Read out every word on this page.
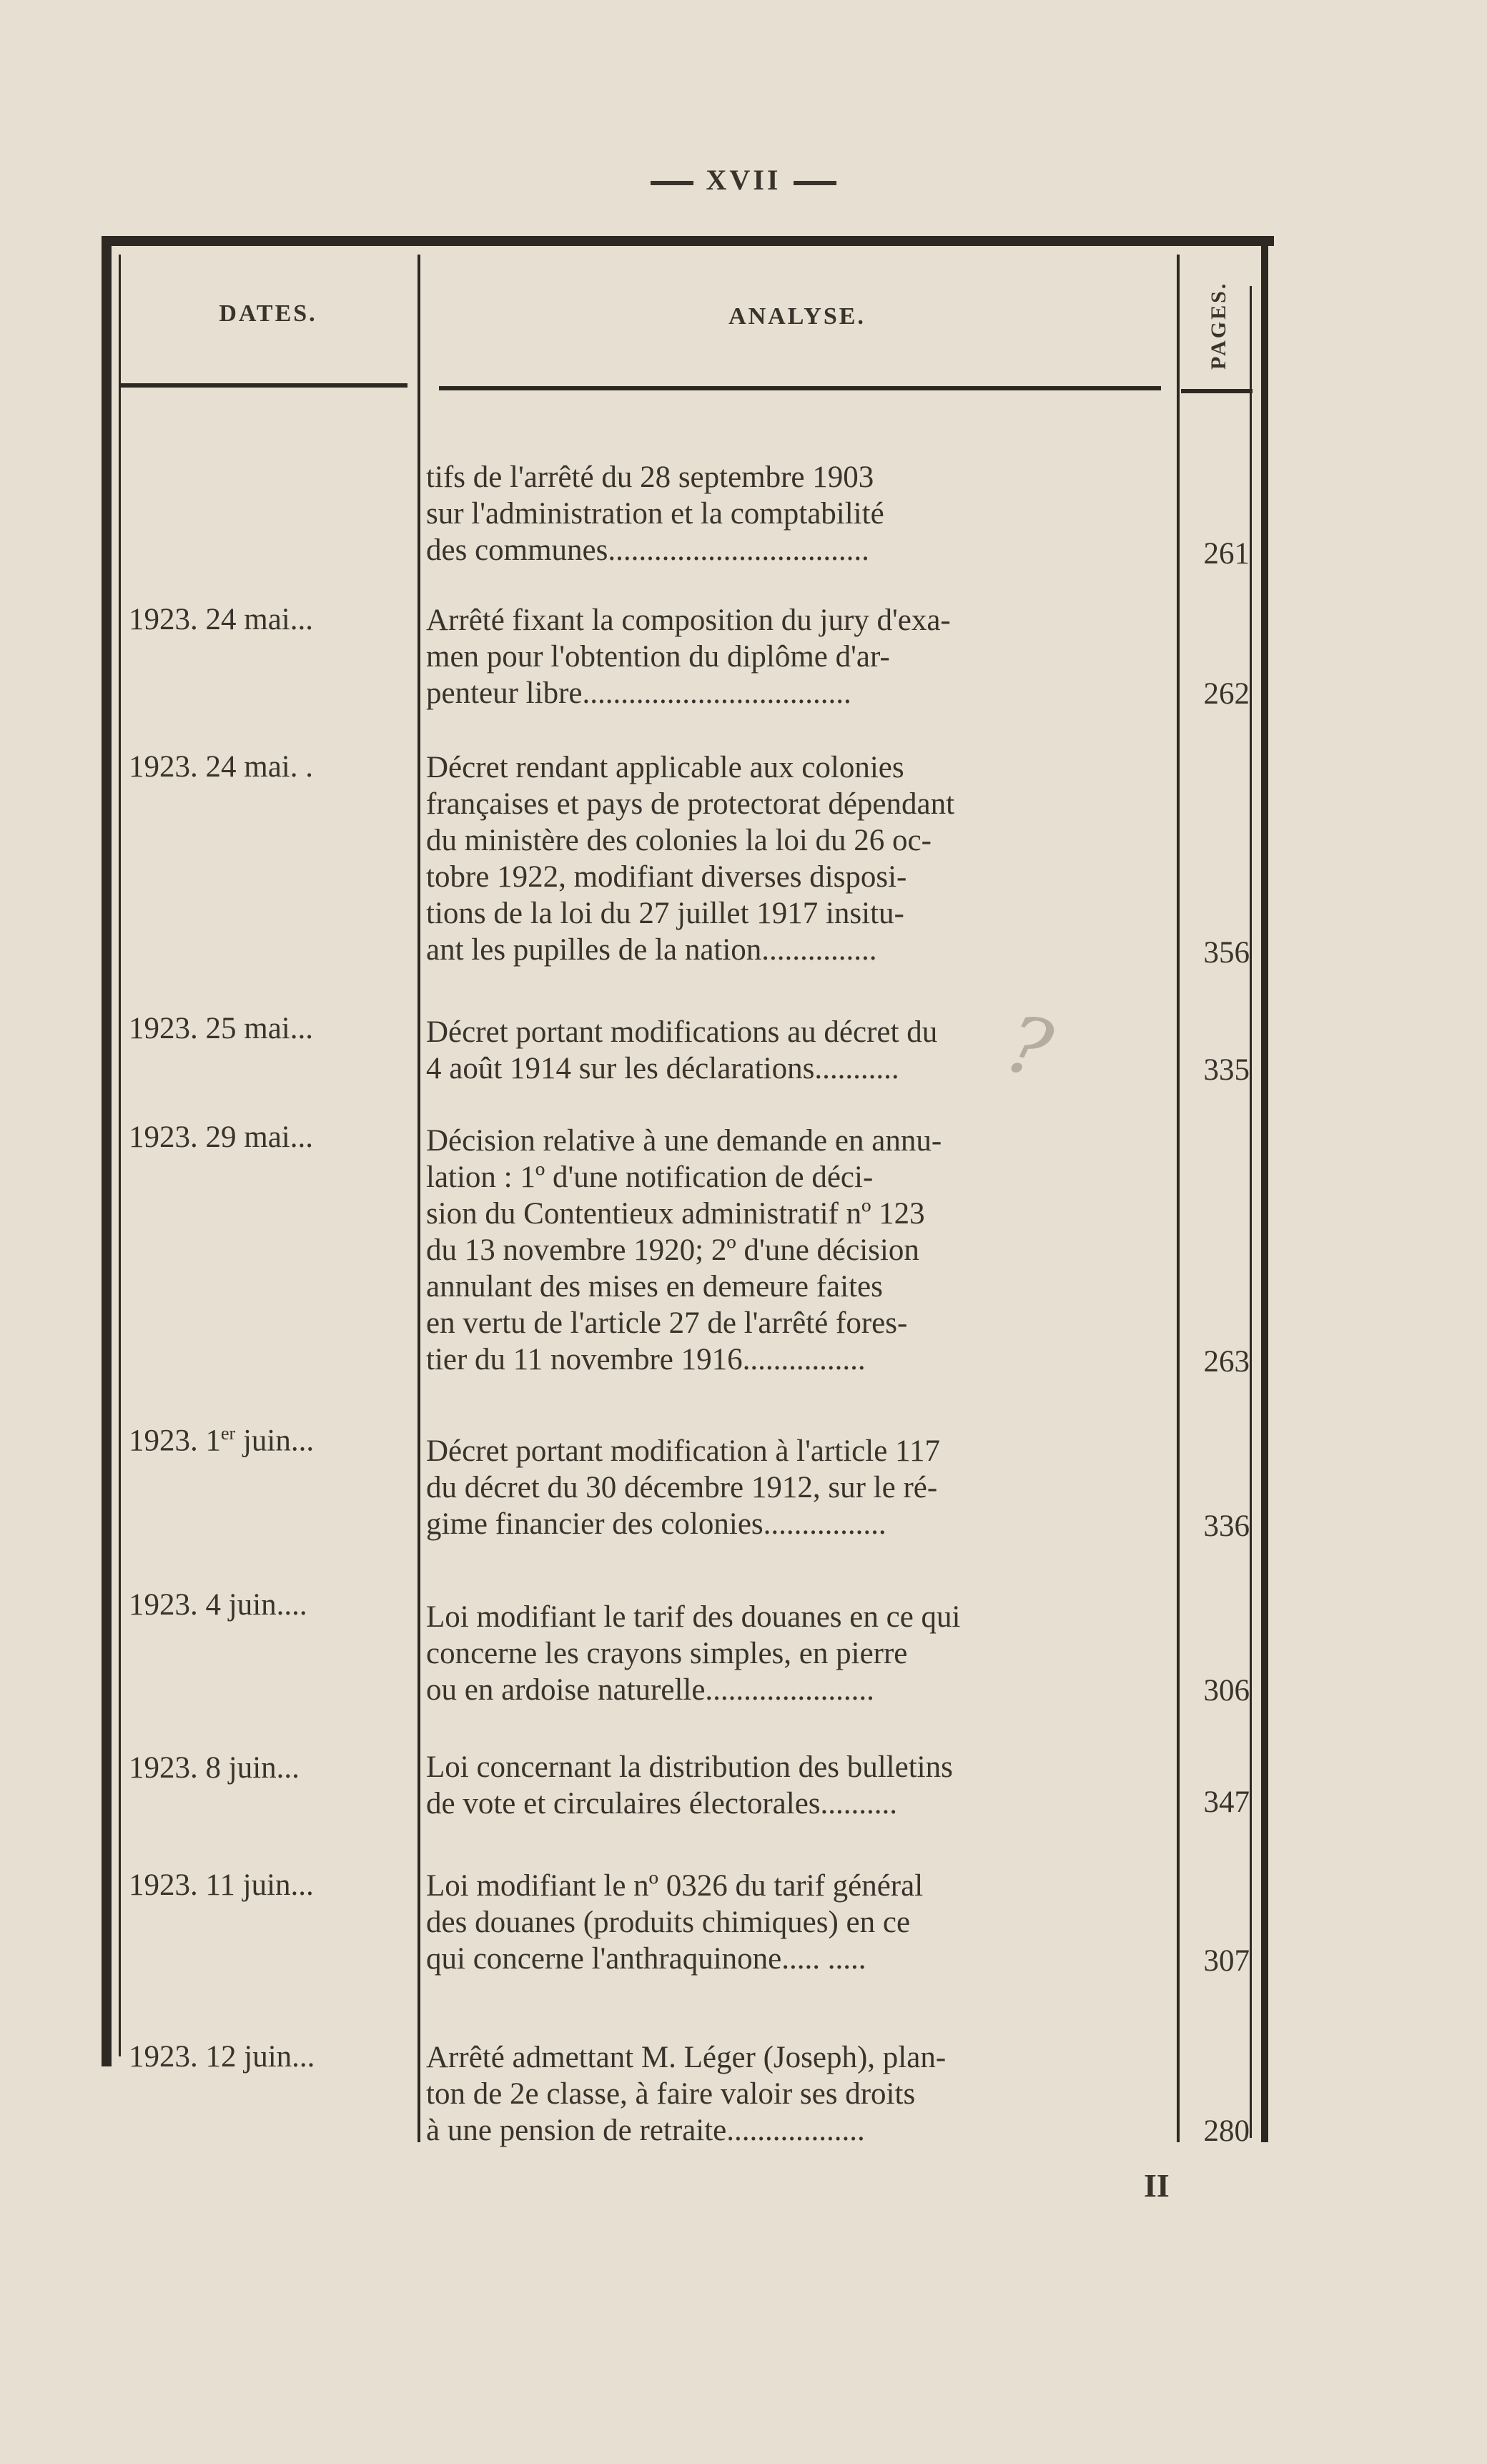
XVII
DATES.	ANALYSE.	PAGES.
tifs de l'arrêté du 28 septembre 1903
sur l'administration et la comptabilité
des communes..................................	261
1923. 24 mai...	Arrêté fixant la composition du jury d'exa-
men pour l'obtention du diplôme d'ar-
penteur libre...................................	262
1923. 24 mai. .	Décret rendant applicable aux colonies
françaises et pays de protectorat dépendant
du ministère des colonies la loi du 26 oc-
tobre 1922, modifiant diverses disposi-
tions de la loi du 27 juillet 1917 insitu-
ant les pupilles de la nation...............	356
1923. 25 mai...	Décret portant modifications au décret du
4 août 1914 sur les déclarations...........	335
1923. 29 mai...	Décision relative à une demande en annu-
lation : 1º d'une notification de déci-
sion du Contentieux administratif nº 123
du 13 novembre 1920; 2º d'une décision
annulant des mises en demeure faites
en vertu de l'article 27 de l'arrêté fores-
tier du 11 novembre 1916................	263
1923. 1er juin...	Décret portant modification à l'article 117
du décret du 30 décembre 1912, sur le ré-
gime financier des colonies................	336
1923. 4 juin....	Loi modifiant le tarif des douanes en ce qui
concerne les crayons simples, en pierre
ou en ardoise naturelle......................	306
1923. 8 juin...	Loi concernant la distribution des bulletins
de vote et circulaires électorales..........	347
1923. 11 juin...	Loi modifiant le nº 0326 du tarif général
des douanes (produits chimiques) en ce
qui concerne l'anthraquinone..... .....	307
1923. 12 juin...	Arrêté admettant M. Léger (Joseph), plan-
ton de 2e classe, à faire valoir ses droits
à une pension de retraite..................	280
?
II
